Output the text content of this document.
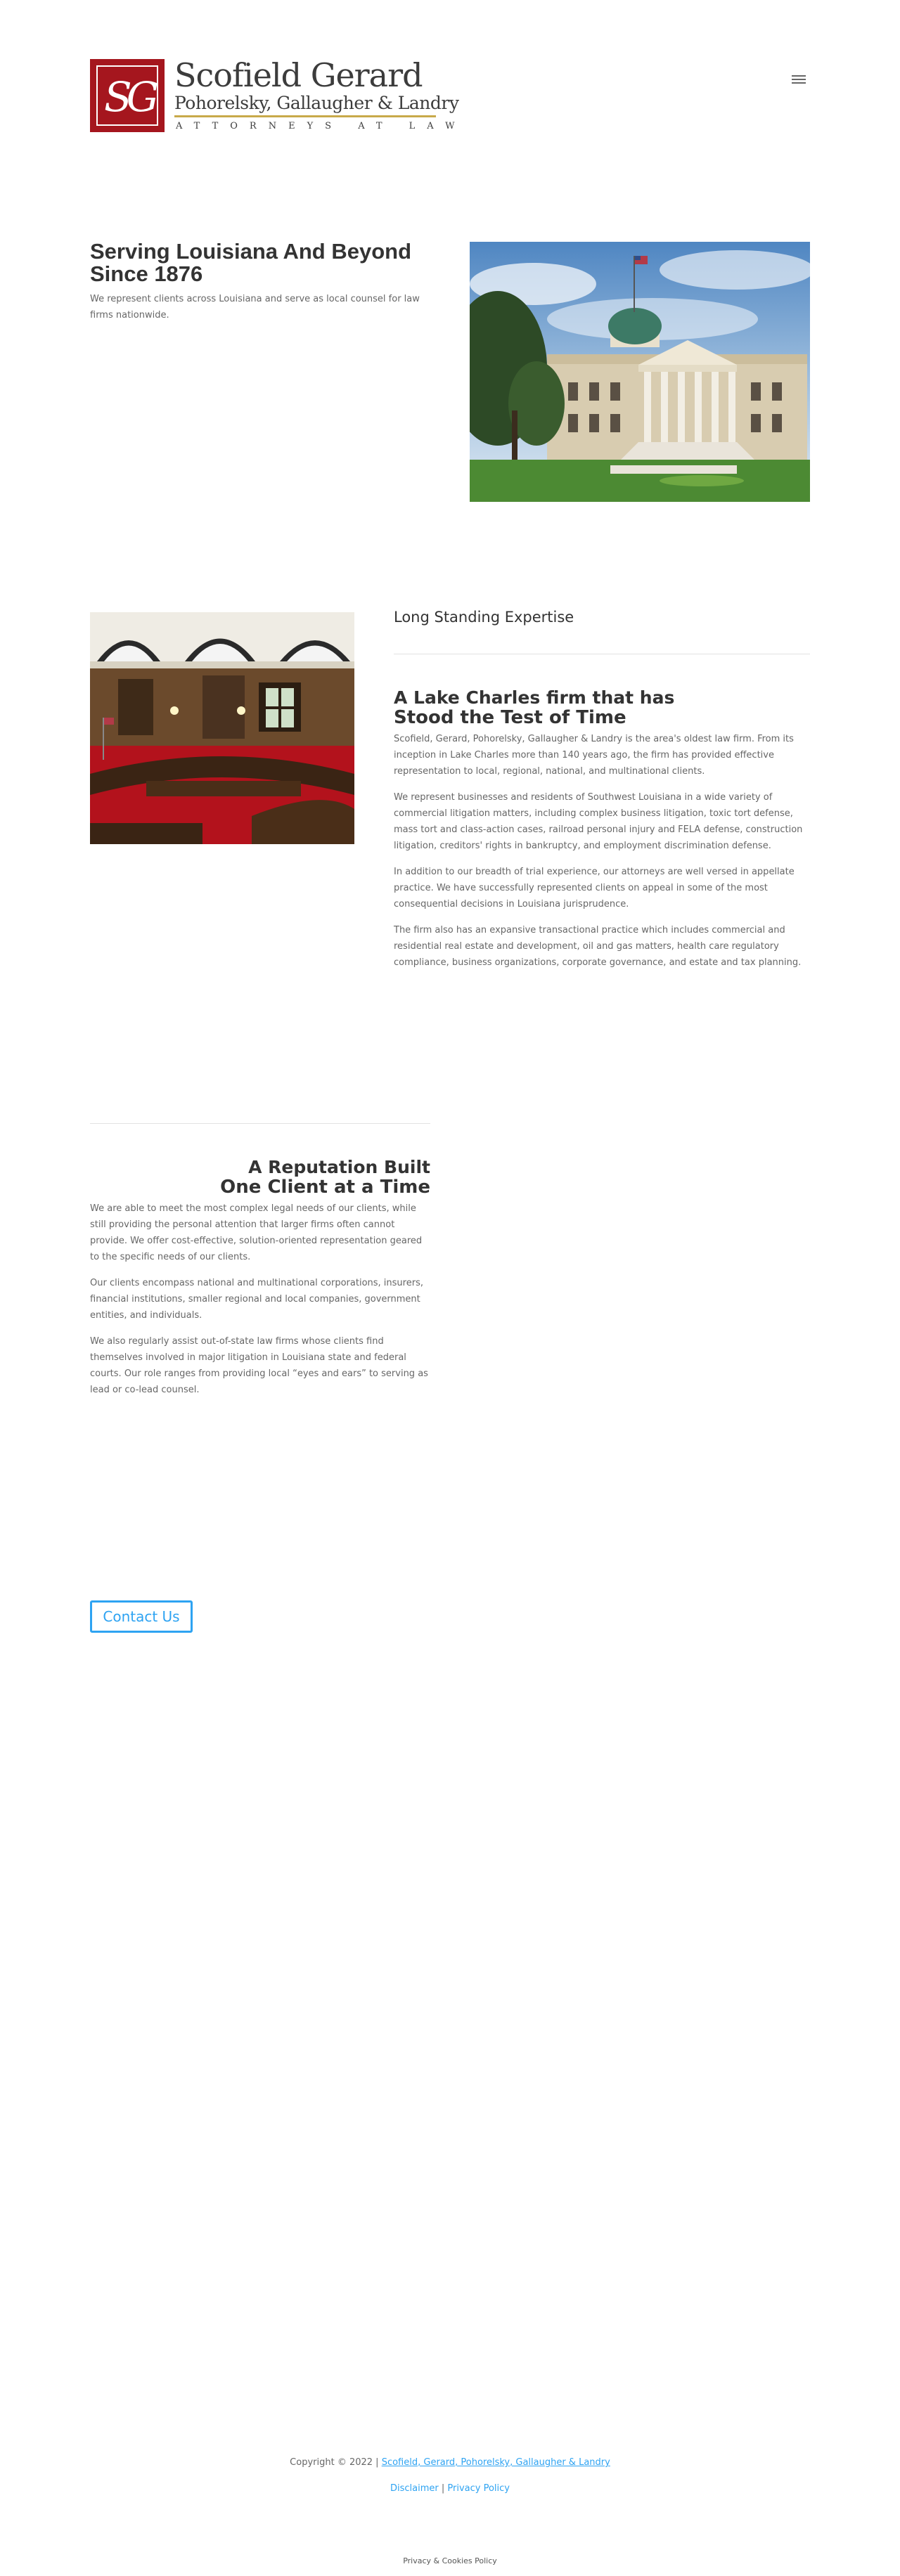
SG Scofield Gerard
Pohorelsky, Gallaugher & Landry
ATTORNEYS AT LAW
Serving Louisiana And Beyond Since 1876

We represent clients across Louisiana and serve as local counsel for law firms nationwide.

Long Standing Expertise
A Lake Charles firm that has
Stood the Test of Time

Scofield, Gerard, Pohorelsky, Gallaugher & Landry is the area's oldest law firm. From its inception in Lake Charles more than 140 years ago, the firm has provided effective representation to local, regional, national, and multinational clients.

We represent businesses and residents of Southwest Louisiana in a wide variety of commercial litigation matters, including complex business litigation, toxic tort defense, mass tort and class-action cases, railroad personal injury and FELA defense, construction litigation, creditors' rights in bankruptcy, and employment discrimination defense.

In addition to our breadth of trial experience, our attorneys are well versed in appellate practice. We have successfully represented clients on appeal in some of the most consequential decisions in Louisiana jurisprudence.

The firm also has an expansive transactional practice which includes commercial and residential real estate and development, oil and gas matters, health care regulatory compliance, business organizations, corporate governance, and estate and tax planning.

A Reputation Built
One Client at a Time

We are able to meet the most complex legal needs of our clients, while still providing the personal attention that larger firms often cannot provide. We offer cost-effective, solution-oriented representation geared to the specific needs of our clients.

Our clients encompass national and multinational corporations, insurers, financial institutions, smaller regional and local companies, government entities, and individuals.

We also regularly assist out-of-state law firms whose clients find themselves involved in major litigation in Louisiana state and federal courts. Our role ranges from providing local “eyes and ears” to serving as lead or co-lead counsel.

Contact Us
Copyright © 2022 | Scofield, Gerard, Pohorelsky, Gallaugher & Landry
Disclaimer | Privacy Policy
Privacy & Cookies Policy
